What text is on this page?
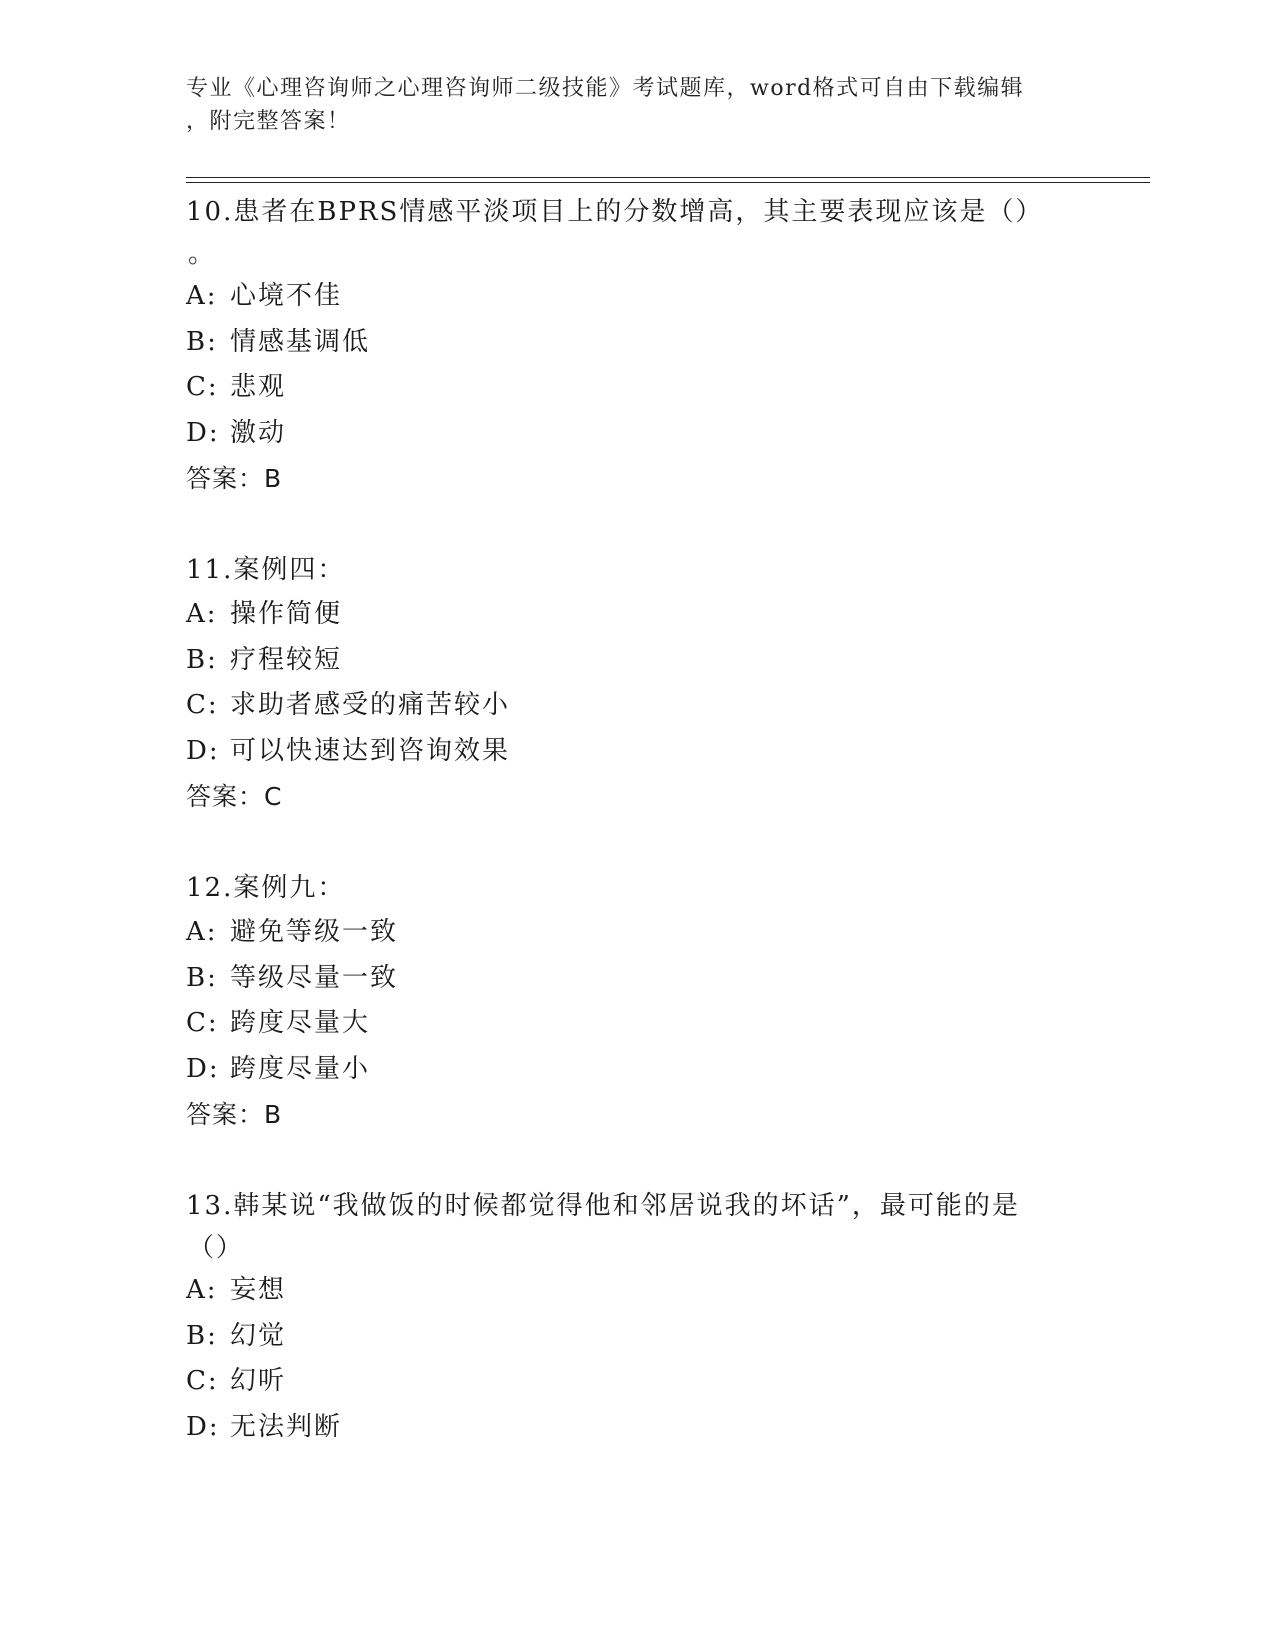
专业《心理咨询师之心理咨询师二级技能》考试题库，word格式可自由下载编辑
，附完整答案！

10.患者在BPRS情感平淡项目上的分数增高，其主要表现应该是（）

。

A: 心境不佳

B: 情感基调低

C: 悲观

D: 激动

答案：B

11.案例四：

A: 操作简便

B: 疗程较短

C: 求助者感受的痛苦较小

D: 可以快速达到咨询效果

答案：C

12.案例九：

A: 避免等级一致

B: 等级尽量一致

C: 跨度尽量大

D: 跨度尽量小

答案：B

13.韩某说“我做饭的时候都觉得他和邻居说我的坏话”，最可能的是

（）

A: 妄想

B: 幻觉

C: 幻听

D: 无法判断
